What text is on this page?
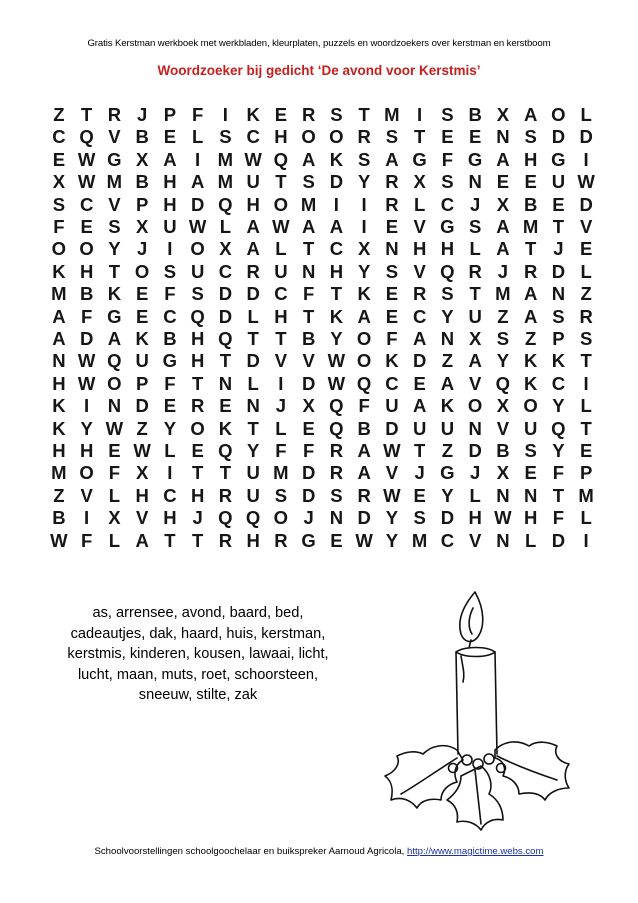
Gratis Kerstman werkboek met werkbladen, kleurplaten, puzzels en woordzoekers over kerstman en kerstboom
Woordzoeker bij gedicht ‘De avond voor Kerstmis’
Z T R J P F	I	K E R S T M I	S B X A O L
C Q V B E L S C H O O R S T E E N S D D
E W G X A I M W Q A K S A G F G A H G I
X W M B H A M U T S D Y R X S N E E U W
S C V P H D Q H O M I	I	R L C J X B E D
F E S X U W L A W A A I	E V G S A M T V
O O Y J	I O X A L T C X N H H L A T J E
K H T O S U C R U N H Y S V Q R J R D L
M B K E F S D D C F T K E R S T M A N Z
A F G E C Q D L H T K A E C Y U Z A S R
A D A K B H Q T T B Y O F A N X S Z P S
N W Q U G H T D V V W O K D Z A Y K K T
H W O P F T N L	I	D W Q C E A V Q K C I
K I	N D E R E N J X Q F U A K O X O Y L
K Y W Z Y O K T L E Q B D U U N V U Q T
H H E W L E Q Y F F R A W T Z D B S Y E
M O F X	I	T T U M D R A V J G J X E F P
Z V L H C H R U S D S R W E Y L N N T M
B I	X V H J Q Q O J N D Y S D H W H F L
W F L A T T R H R G E W Y M C V N L D I
as, arrensee, avond, baard, bed,
cadeautjes, dak, haard, huis, kerstman,
kerstmis, kinderen, kousen, lawaai, licht,
lucht, maan, muts, roet, schoorsteen,
sneeuw, stilte, zak
Schoolvoorstellingen schoolgoochelaar en buikspreker Aarnoud Agricola, http://www.magictime.webs.com
